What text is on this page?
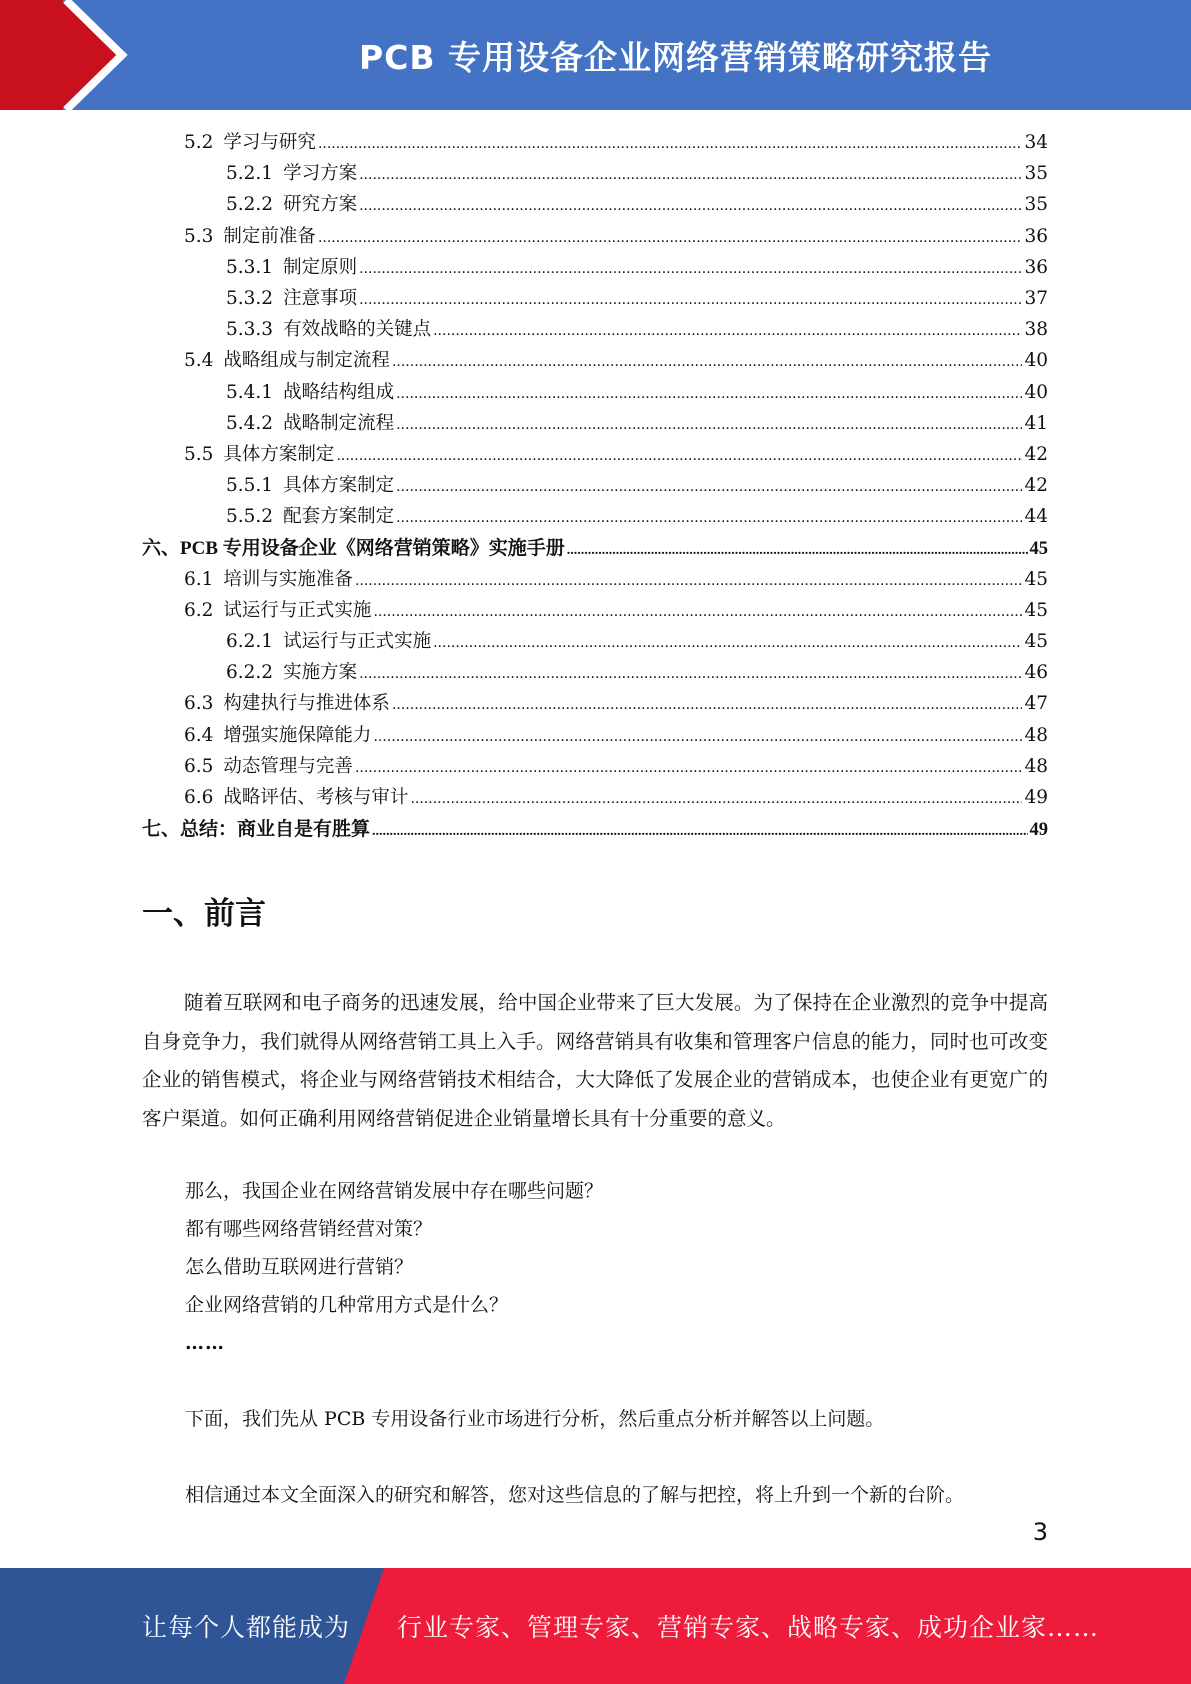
PCB 专用设备企业网络营销策略研究报告
5.2 学习与研究 .....	34
5.2.1 学习方案 .....	35
5.2.2 研究方案 .....	35
5.3 制定前准备 .....	36
5.3.1 制定原则 .....	36
5.3.2 注意事项 .....	37
5.3.3 有效战略的关键点 .....	38
5.4 战略组成与制定流程 .....	40
5.4.1 战略结构组成 .....	40
5.4.2 战略制定流程 .....	41
5.5 具体方案制定 .....	42
5.5.1 具体方案制定 .....	42
5.5.2 配套方案制定 .....	44
六、 PCB 专用设备企业《网络营销策略》实施手册 .....	45
6.1 培训与实施准备 .....	45
6.2 试运行与正式实施 .....	45
6.2.1 试运行与正式实施 .....	45
6.2.2 实施方案 .....	46
6.3 构建执行与推进体系 .....	47
6.4 增强实施保障能力 .....	48
6.5 动态管理与完善 .....	48
6.6 战略评估、考核与审计 .....	49
七、 总结：商业自是有胜算 .....	49
一、前言
随着互联网和电子商务的迅速发展，给中国企业带来了巨大发展。为了保持在企业激烈的竞争中提高自身竞争力，我们就得从网络营销工具上入手。网络营销具有收集和管理客户信息的能力，同时也可改变企业的销售模式，将企业与网络营销技术相结合，大大降低了发展企业的营销成本，也使企业有更宽广的客户渠道。如何正确利用网络营销促进企业销量增长具有十分重要的意义。
那么，我国企业在网络营销发展中存在哪些问题？
都有哪些网络营销经营对策？
怎么借助互联网进行营销？
企业网络营销的几种常用方式是什么？
……
下面，我们先从 PCB 专用设备行业市场进行分析，然后重点分析并解答以上问题。
相信通过本文全面深入的研究和解答，您对这些信息的了解与把控，将上升到一个新的台阶。
3
让每个人都能成为 行业专家、管理专家、营销专家、战略专家、成功企业家……
